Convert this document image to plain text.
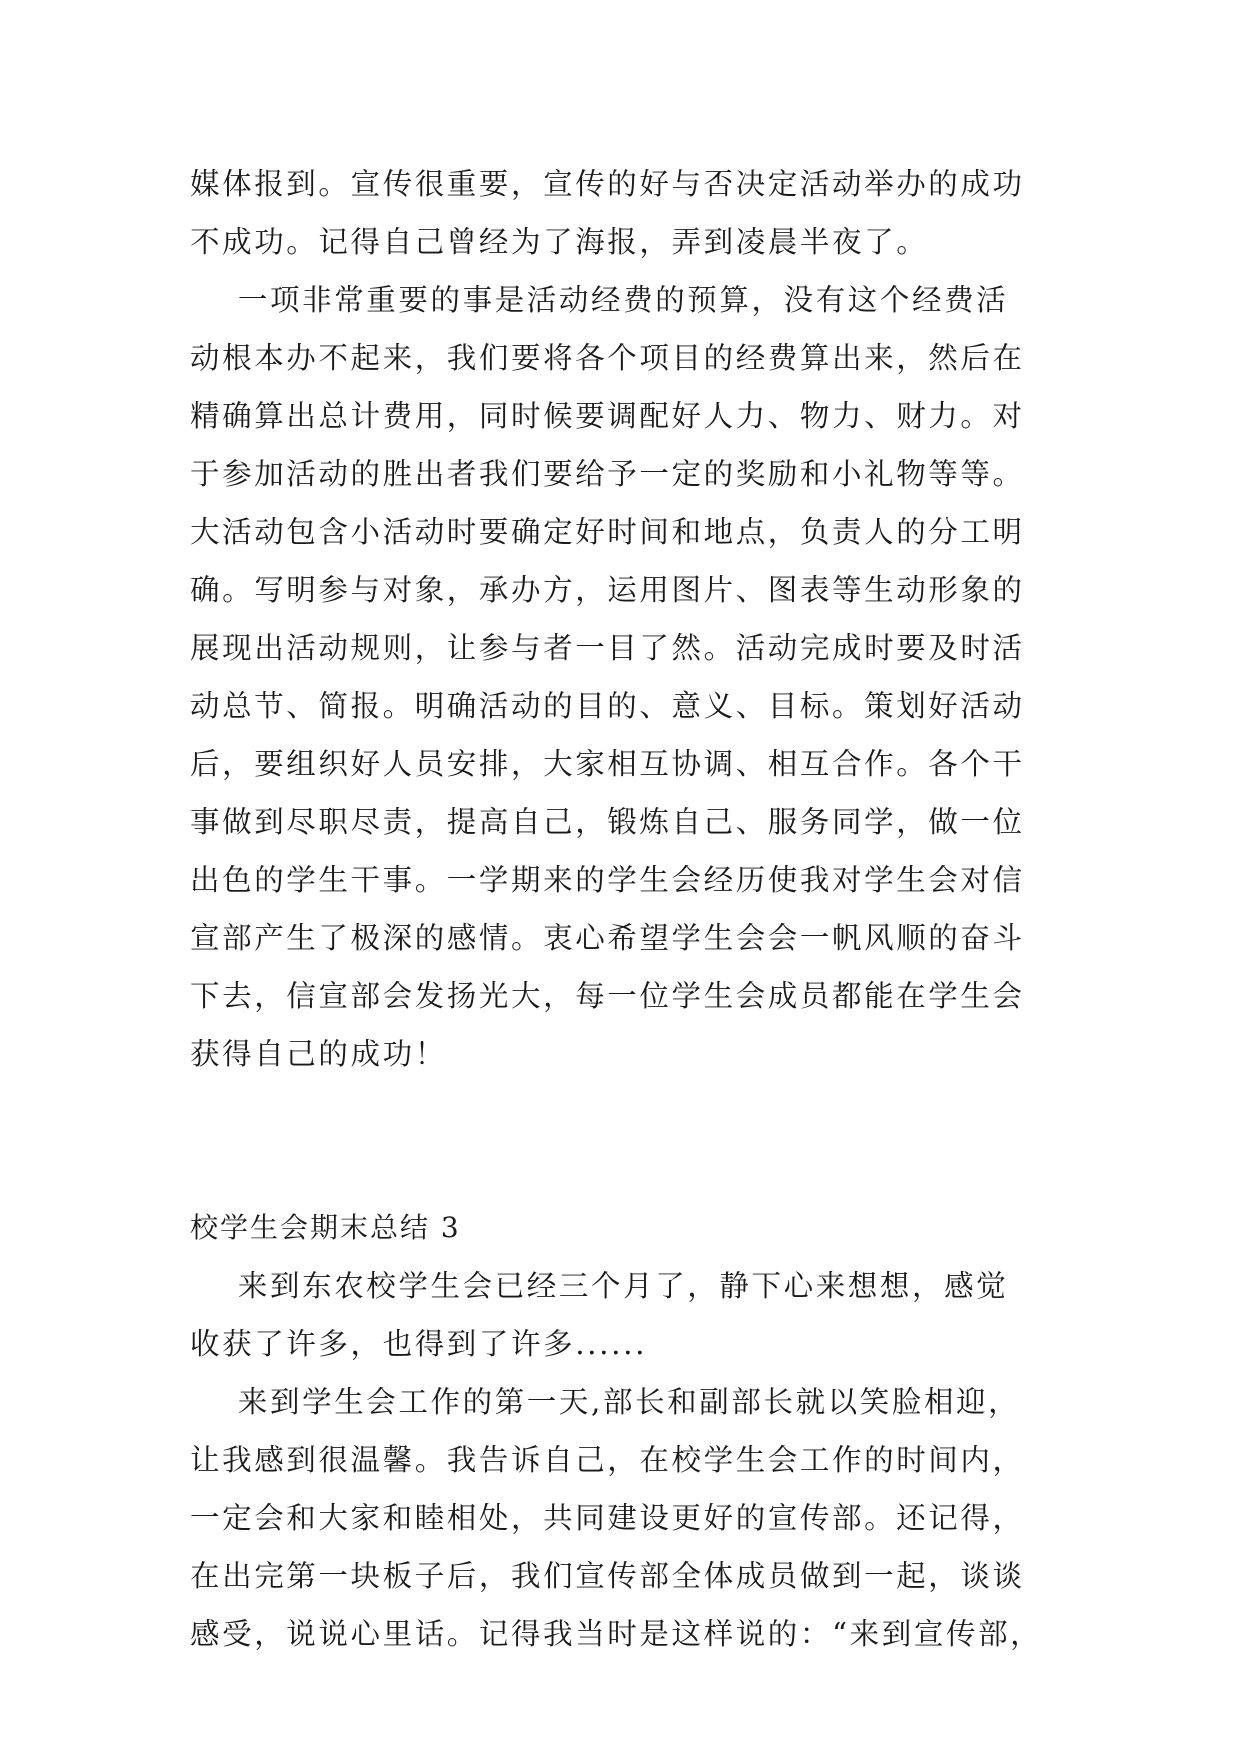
媒体报到。宣传很重要，宣传的好与否决定活动举办的成功
不成功。记得自己曾经为了海报，弄到凌晨半夜了。

一项非常重要的事是活动经费的预算，没有这个经费活
动根本办不起来，我们要将各个项目的经费算出来，然后在
精确算出总计费用，同时候要调配好人力、物力、财力。对
于参加活动的胜出者我们要给予一定的奖励和小礼物等等。
大活动包含小活动时要确定好时间和地点，负责人的分工明
确。写明参与对象，承办方，运用图片、图表等生动形象的
展现出活动规则，让参与者一目了然。活动完成时要及时活
动总节、简报。明确活动的目的、意义、目标。策划好活动
后，要组织好人员安排，大家相互协调、相互合作。各个干
事做到尽职尽责，提高自己，锻炼自己、服务同学，做一位
出色的学生干事。一学期来的学生会经历使我对学生会对信
宣部产生了极深的感情。衷心希望学生会会一帆风顺的奋斗
下去，信宣部会发扬光大，每一位学生会成员都能在学生会
获得自己的成功！

校学生会期末总结 3

来到东农校学生会已经三个月了，静下心来想想，感觉
收获了许多，也得到了许多......

来到学生会工作的第一天,部长和副部长就以笑脸相迎，
让我感到很温馨。我告诉自己，在校学生会工作的时间内，
一定会和大家和睦相处，共同建设更好的宣传部。还记得，
在出完第一块板子后，我们宣传部全体成员做到一起，谈谈
感受，说说心里话。记得我当时是这样说的：“来到宣传部，
